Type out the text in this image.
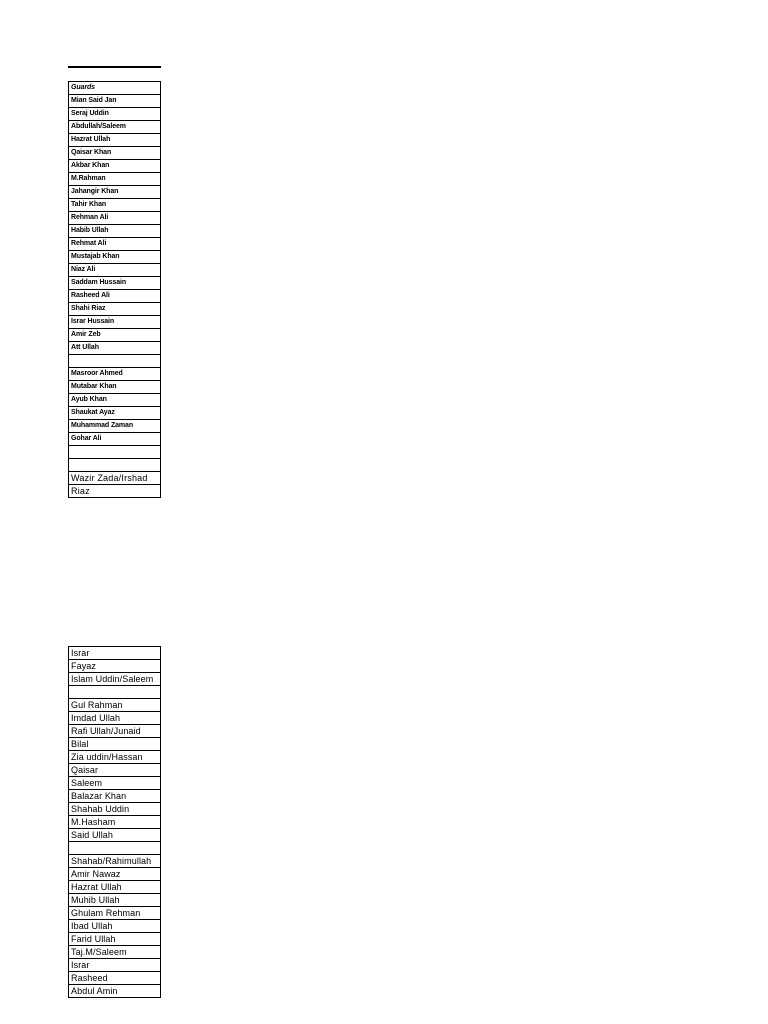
Guards
Mian Said Jan
Seraj Uddin
Abdullah/Saleem
Hazrat Ullah
Qaisar Khan
Akbar Khan
M.Rahman
Jahangir Khan
Tahir Khan
Rehman Ali
Habib Ullah
Rehmat Ali
Mustajab Khan
Niaz Ali
Saddam Hussain
Rasheed Ali
Shahi Riaz
Israr Hussain
Amir Zeb
Att Ullah

Masroor Ahmed
Mutabar Khan
Ayub Khan
Shaukat Ayaz
Muhammad Zaman
Gohar Ali

Wazir Zada/Irshad
Riaz
Israr
Fayaz
Islam Uddin/Saleem

Gul Rahman
Imdad Ullah
Rafi Ullah/Junaid
Bilal
Zia uddin/Hassan
Qaisar
Saleem
Balazar Khan
Shahab Uddin
M.Hasham
Said Ullah

Shahab/Rahimullah
Amir Nawaz
Hazrat Ullah
Muhib Ullah
Ghulam Rehman
Ibad Ullah
Farid Ullah
Taj.M/Saleem
Israr
Rasheed
Abdul Amin
